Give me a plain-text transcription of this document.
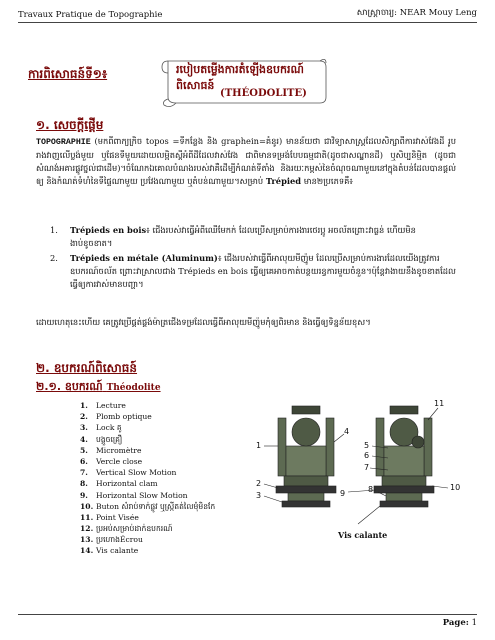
Travaux Pratique de Topographie	សាស្ត្រាចារ្យ: NEAR Mouy Leng
ការពិសោធន៍ទី១៖	របៀបតម្លើងការតំឡើងឧបករណ៍ពិសោធន៍
(THÉODOLITE)
១. សេចក្តីផ្តើម
TOPOGRAPHIE (មកពីពាក្យក្រិច topos =ទីកន្លែង និង graphein=គំនូរ) មានន័យថា ជាវិទ្យាសាស្ត្រដែលសិក្សាពីការវាស់វែងដី រូបរាងវាញលើប្លង់មួយ ឬផែនទីមួយដោយលម្អិតស្តីអំពីដីដែលវាស់វែង ជាពិមានទម្រង់បែបធម្មជាតិ(ដូចជាសណ្ឋានដី) ឬសិប្បនិម្មិត (ដូចជាសំណង់អគារផ្លូវថ្នល់ជាដើម)។ចំណែកឯគោលបំណងរបស់វាគឺដើម្បីកំណត់ទីតាំង និងរយៈកម្ពស់នៃចំណុចណាមួយនៅក្នុងតំបន់ដែលបានផ្តល់ឲ្យ និងកំណត់ទំហំនៃទីផ្ទៃណាមួយ ប្រវែងណាមួយ ឬតំបន់ណាមួយ។សម្រាប់ Trépied មាន២ប្រភេទគឺ៖
1. Trépieds en bois៖ ជើងរបស់វាធ្វើអំពីឈើមែកក់ ដែលប្រើសម្រាប់ការងារថេរប្អូ អចល័តព្រោះវាធ្ងន់ ហើយមិនងាប់ខូចខាត។
2. Trépieds en métale (Aluminum)៖ ជើងរបស់វាធ្វើពីអាលុយមីញ៉ូម ដែលប្រើសម្រាប់ការងារដែលយើងត្រូវការឧបករណ៍ចល័ត ព្រោះវាស្រាលជាង Trépieds en bois ធ្វើឲ្យគេអាចកាត់បន្ថយរន្ធការមួយចំនួន។ប៉ុន្តែវាងាយនឹងខូចខាតដែលធ្វើឲ្យការវាស់មានបញ្ហា។
ដោយហេតុនេះហើយ គេត្រូវប្រើផ្គត់ផ្គង់ម៉ាត្រជើងទម្រដែលធ្វើពីអាលុយមីញ៉ូមកុំឲ្យពិរមាន និងធ្វើឲ្យទិន្នន័យខុស។
២. ឧបករណ៍ពិសោធន៍
២.១. ឧបករណ៍ Théodolite
1.	Lecture
2.	Plomb optique
3.	Lock គូ
4.	បង្គួចគ្រឿ
5.	Micromètre
6.	Vercle close
7.	Vertical Slow Motion
8.	Horizontal clam
9.	Horizontal Slow Motion
10. Buton សំរាប់ទាក់ផ្លូវ ឬស្ក្រីតត់លៃមុំមិនកែ
11. Point Visée
12. ប្រអប់សម្រាប់ដាក់ឧបករណ៍
13. ប្រហោងÉcrou
14. Vis calante
1
2
3
4
5
6
7
8
9
10
11
Vis calante
Page: 1
